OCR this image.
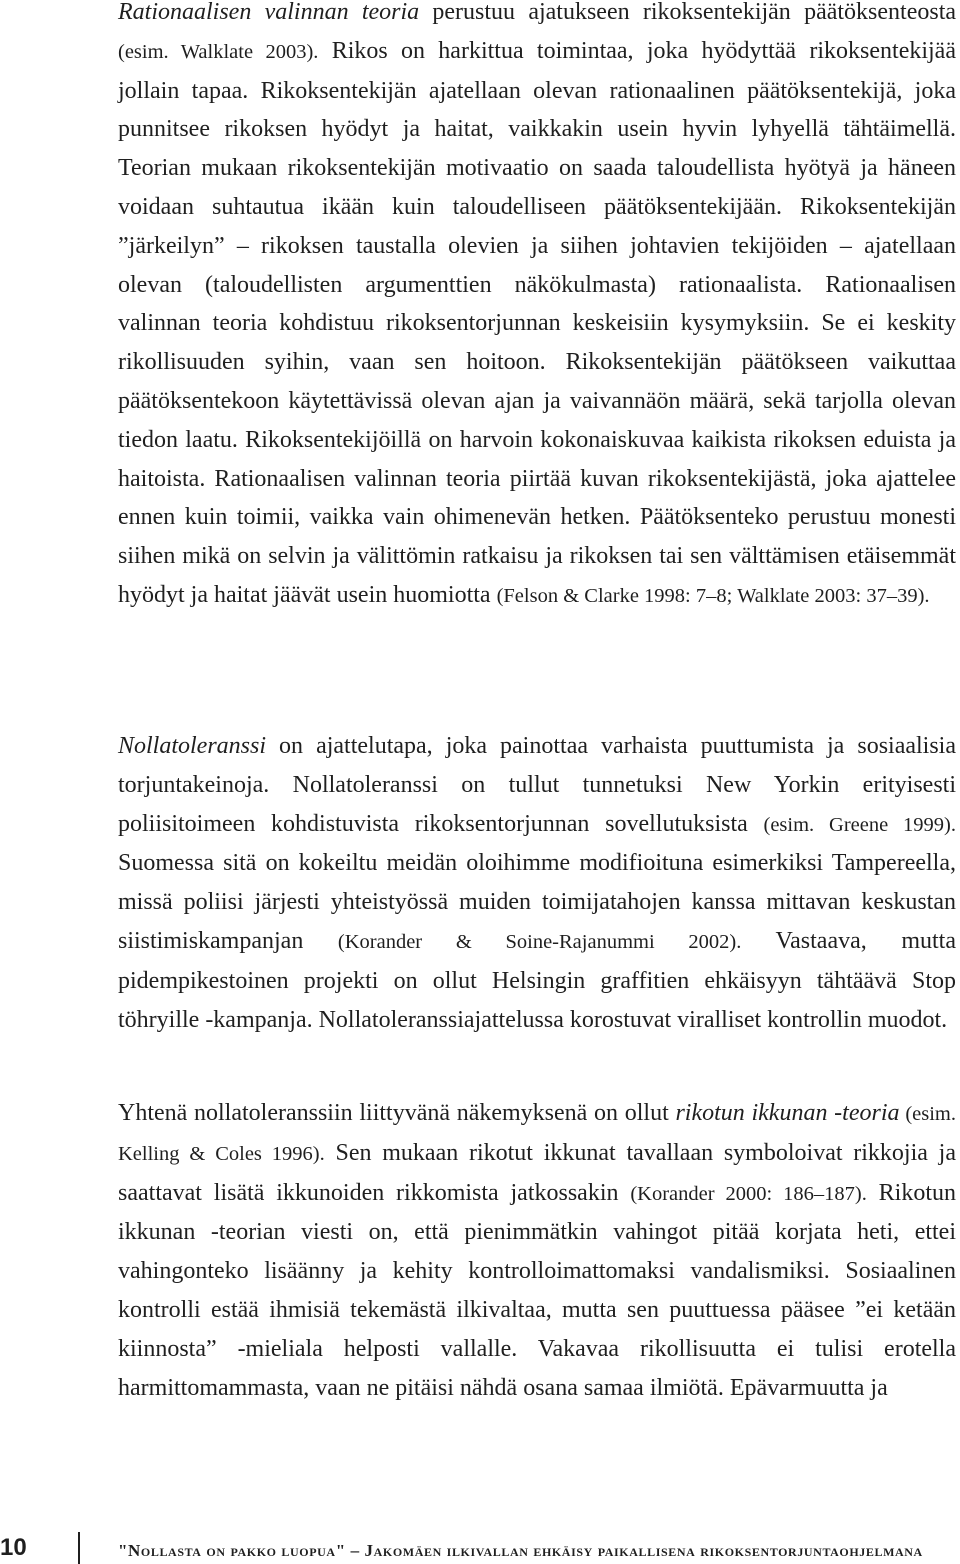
Rationaalisen valinnan teoria perustuu ajatukseen rikoksentekijän päätöksenteosta (esim. Walklate 2003). Rikos on harkittua toimintaa, joka hyödyttää rikoksentekijää jollain tapaa. Rikoksentekijän ajatellaan olevan rationaalinen päätöksentekijä, joka punnitsee rikoksen hyödyt ja haitat, vaikkakin usein hyvin lyhyellä tähtäimellä. Teorian mukaan rikoksentekijän motivaatio on saada taloudellista hyötyä ja häneen voidaan suhtautua ikään kuin taloudelliseen päätöksentekijään. Rikoksentekijän ”järkeilyn” – rikoksen taustalla olevien ja siihen johtavien tekijöiden – ajatellaan olevan (taloudellisten argumenttien näkökulmasta) rationaalista. Rationaalisen valinnan teoria kohdistuu rikoksentorjunnan keskeisiin kysymyksiin. Se ei keskity rikollisuuden syihin, vaan sen hoitoon. Rikoksentekijän päätökseen vaikuttaa päätöksentekoon käytettävissä olevan ajan ja vaivannäön määrä, sekä tarjolla olevan tiedon laatu. Rikoksentekijöillä on harvoin kokonaiskuvaa kaikista rikoksen eduista ja haitoista. Rationaalisen valinnan teoria piirtää kuvan rikoksentekijästä, joka ajattelee ennen kuin toimii, vaikka vain ohimenevän hetken. Päätöksenteko perustuu monesti siihen mikä on selvin ja välittömin ratkaisu ja rikoksen tai sen välttämisen etäisemmät hyödyt ja haitat jäävät usein huomiotta (Felson & Clarke 1998: 7–8; Walklate 2003: 37–39).

Nollatoleranssi on ajattelutapa, joka painottaa varhaista puuttumista ja sosiaalisia torjuntakeinoja. Nollatoleranssi on tullut tunnetuksi New Yorkin erityisesti poliisitoimeen kohdistuvista rikoksentorjunnan sovellutuksista (esim. Greene 1999). Suomessa sitä on kokeiltu meidän oloihimme modifioituna esimerkiksi Tampereella, missä poliisi järjesti yhteistyössä muiden toimijatahojen kanssa mittavan keskustan siistimiskampanjan (Korander & Soine-Rajanummi 2002). Vastaava, mutta pidempikestoinen projekti on ollut Helsingin graffitien ehkäisyyn tähtäävä Stop töhryille -kampanja. Nollatoleranssiajattelussa korostuvat viralliset kontrollin muodot.

Yhtenä nollatoleranssiin liittyvänä näkemyksenä on ollut rikotun ikkunan -teoria (esim. Kelling & Coles 1996). Sen mukaan rikotut ikkunat tavallaan symboloivat rikkojia ja saattavat lisätä ikkunoiden rikkomista jatkossakin (Korander 2000: 186–187). Rikotun ikkunan -teorian viesti on, että pienimmätkin vahingot pitää korjata heti, ettei vahingonteko lisäänny ja kehity kontrolloimattomaksi vandalismiksi. Sosiaalinen kontrolli estää ihmisiä tekemästä ilkivaltaa, mutta sen puuttuessa pääsee ”ei ketään kiinnosta” -mieliala helposti vallalle. Vakavaa rikollisuutta ei tulisi erotella harmittomammasta, vaan ne pitäisi nähdä osana samaa ilmiötä. Epävarmuutta ja

10	"Nollasta on pakko luopua" – Jakomäen ilkivallan ehkäisy paikallisena rikoksentorjuntaohjelmana
